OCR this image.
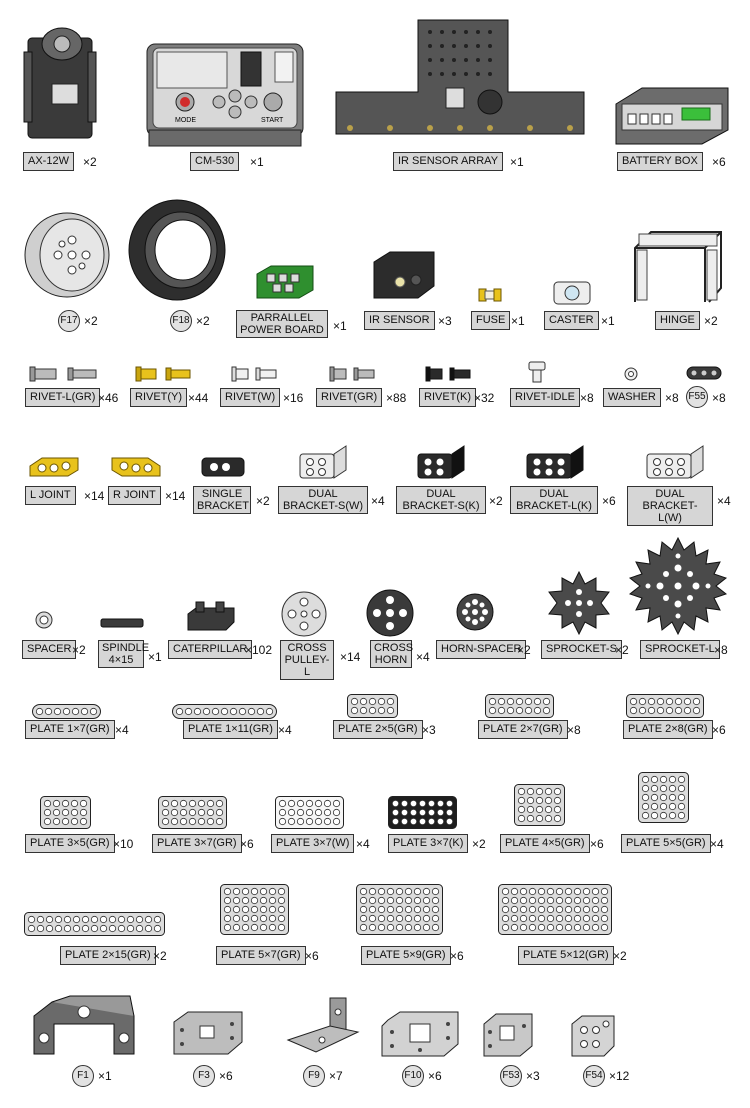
AX-12W	×2
MODE	START
CM-530	×1	IR SENSOR ARRAY ×1	BATTERY BOX	×6
F17 ×2	F18 ×2	PARRALLEL POWER BOARD ×1	IR SENSOR ×3	FUSE ×1	CASTER ×1	HINGE ×2
RIVET-L(GR) ×46	RIVET(Y) ×44	RIVET(W) ×16	RIVET(GR) ×88	RIVET(K) ×32	RIVET-IDLE ×8	WASHER ×8 F55 ×8
L JOINT	×14 R JOINT ×14	SINGLE BRACKET ×2	DUAL BRACKET-S(W) ×4	DUAL BRACKET-S(K) ×2	DUAL BRACKET-L(K) ×6	DUAL BRACKET-L(W)
×4
SPACER ×2	SPINDLE 4×15	×1
CATERPILLAR
×102	CROSS PULLEY-L
×14
CROSS HORN ×4
HORN-SPACER
×2	SPROCKET-S
×2	SPROCKET-L ×8
PLATE 1×7(GR) ×4	PLATE 1×11(GR) ×4	PLATE 2×5(GR) ×3	PLATE 2×7(GR) ×8	PLATE 2×8(GR) ×6
PLATE 3×5(GR) ×10	PLATE 3×7(GR) ×6	PLATE 3×7(W) ×4	PLATE 3×7(K) ×2	PLATE 4×5(GR) ×6	PLATE 5×5(GR) ×4
PLATE 2×15(GR) ×2	PLATE 5×7(GR) ×6	PLATE 5×9(GR) ×6	PLATE 5×12(GR) ×2
F1 ×1	F3 ×6	F9 ×7	F10 ×6	F53 ×3	F54 ×12
